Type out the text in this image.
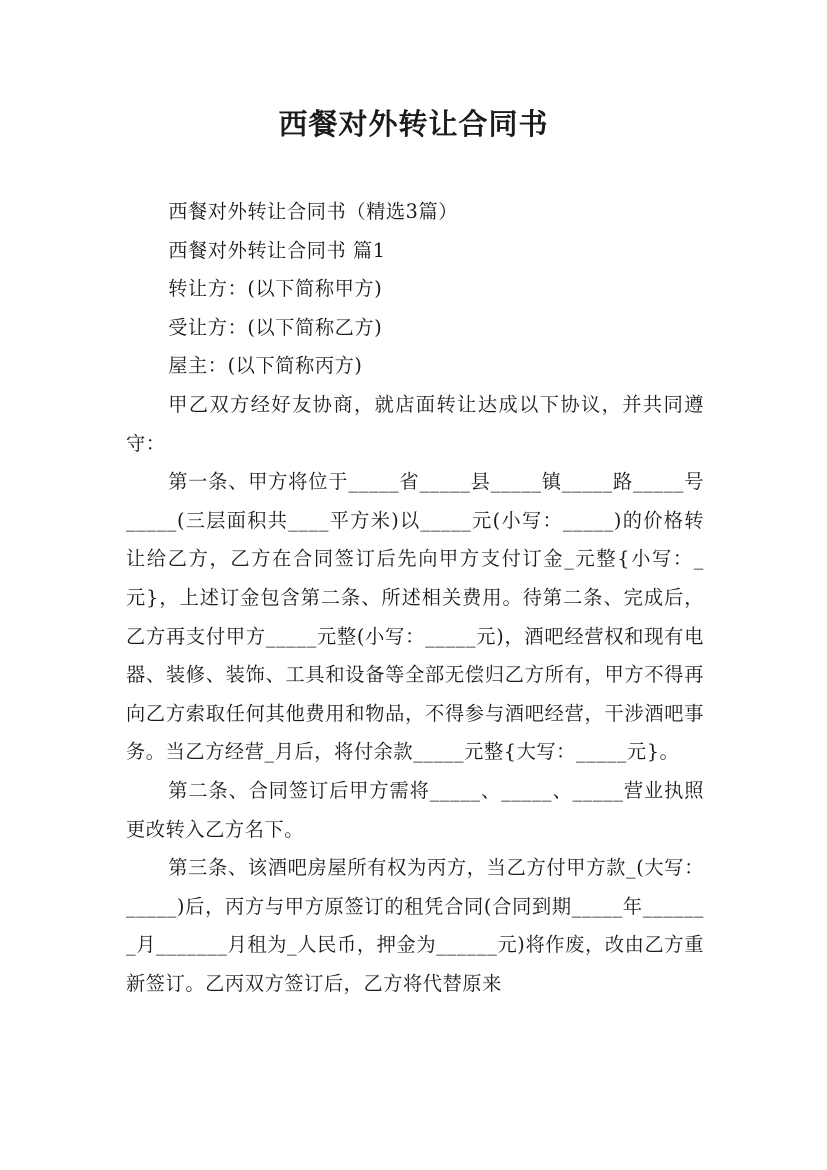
西餐对外转让合同书

西餐对外转让合同书（精选3篇）

西餐对外转让合同书 篇1

转让方：(以下简称甲方)

受让方：(以下简称乙方)

屋主：(以下简称丙方)

甲乙双方经好友协商，就店面转让达成以下协议，并共同遵守：

第一条、甲方将位于_____省_____县_____镇_____路_____号_____(三层面积共____平方米)以_____元(小写：_____)的价格转让给乙方，乙方在合同签订后先向甲方支付订金_元整{小写：_元}，上述订金包含第二条、所述相关费用。待第二条、完成后，乙方再支付甲方_____元整(小写：_____元)，酒吧经营权和现有电器、装修、装饰、工具和设备等全部无偿归乙方所有，甲方不得再向乙方索取任何其他费用和物品，不得参与酒吧经营，干涉酒吧事务。当乙方经营_月后，将付余款_____元整{大写：_____元}。

第二条、合同签订后甲方需将_____、_____、_____营业执照更改转入乙方名下。

第三条、该酒吧房屋所有权为丙方，当乙方付甲方款_(大写：_____)后，丙方与甲方原签订的租凭合同(合同到期_____年_______月_______月租为_人民币，押金为______元)将作废，改由乙方重新签订。乙丙双方签订后，乙方将代替原来
